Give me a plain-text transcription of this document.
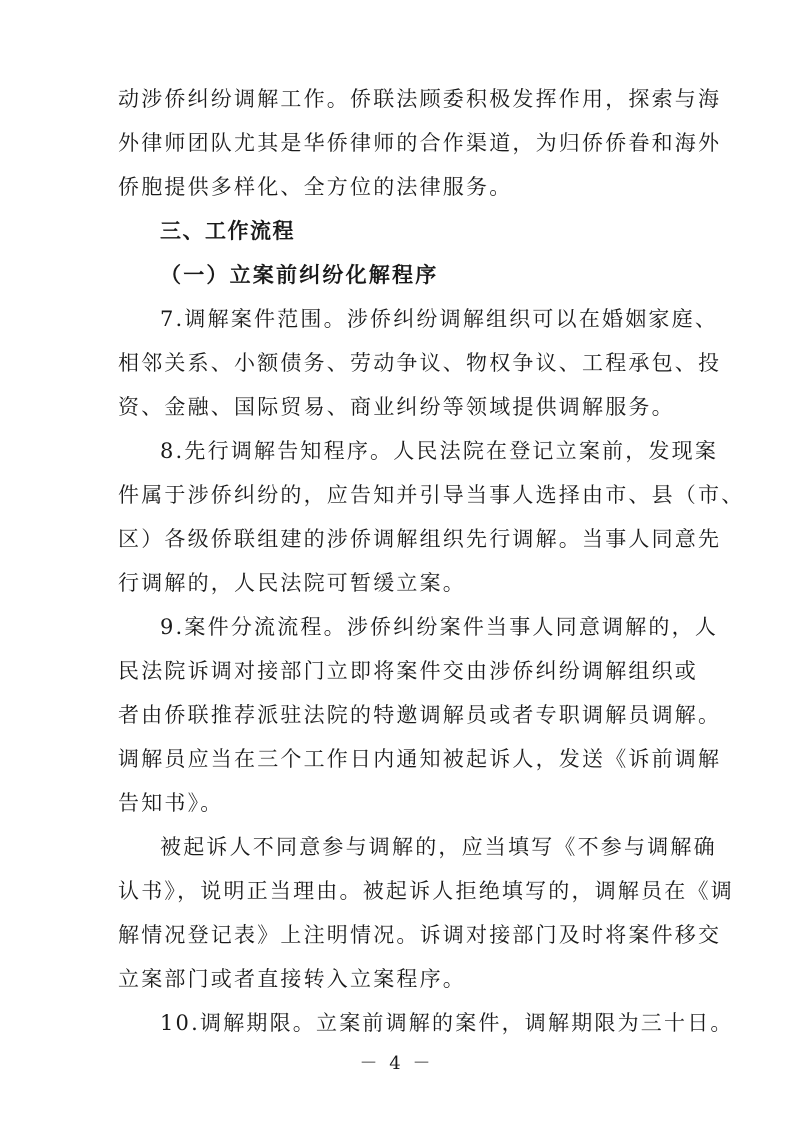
动涉侨纠纷调解工作。侨联法顾委积极发挥作用，探索与海
外律师团队尤其是华侨律师的合作渠道，为归侨侨眷和海外
侨胞提供多样化、全方位的法律服务。
三、工作流程
（一）立案前纠纷化解程序
7.调解案件范围。涉侨纠纷调解组织可以在婚姻家庭、
相邻关系、小额债务、劳动争议、物权争议、工程承包、投
资、金融、国际贸易、商业纠纷等领域提供调解服务。
8.先行调解告知程序。人民法院在登记立案前，发现案
件属于涉侨纠纷的，应告知并引导当事人选择由市、县（市、
区）各级侨联组建的涉侨调解组织先行调解。当事人同意先
行调解的，人民法院可暂缓立案。
9.案件分流流程。涉侨纠纷案件当事人同意调解的，人
民法院诉调对接部门立即将案件交由涉侨纠纷调解组织或
者由侨联推荐派驻法院的特邀调解员或者专职调解员调解。
调解员应当在三个工作日内通知被起诉人，发送《诉前调解
告知书》。
被起诉人不同意参与调解的，应当填写《不参与调解确
认书》，说明正当理由。被起诉人拒绝填写的，调解员在《调
解情况登记表》上注明情况。诉调对接部门及时将案件移交
立案部门或者直接转入立案程序。
10.调解期限。立案前调解的案件，调解期限为三十日。
－ 4 －
